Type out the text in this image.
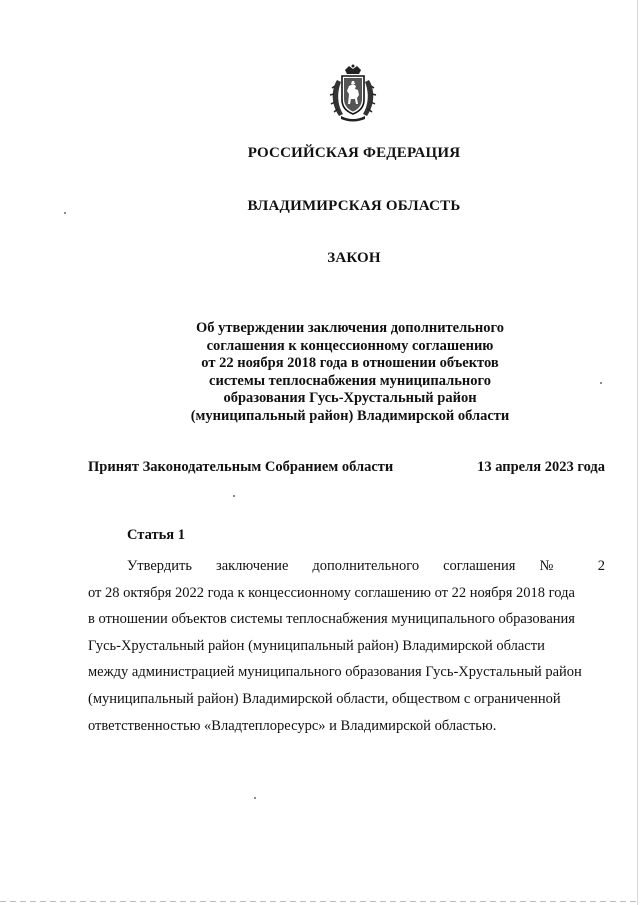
РОССИЙСКАЯ ФЕДЕРАЦИЯ
ВЛАДИМИРСКАЯ ОБЛАСТЬ
ЗАКОН
Об утверждении заключения дополнительного
соглашения к концессионному соглашению
от 22 ноября 2018 года в отношении объектов
системы теплоснабжения муниципального
образования Гусь-Хрустальный район
(муниципальный район) Владимирской области
Принят Законодательным Собранием области	13 апреля 2023 года
Статья 1
Утвердить заключение дополнительного соглашения № 2
от 28 октября 2022 года к концессионному соглашению от 22 ноября 2018 года
в отношении объектов системы теплоснабжения муниципального образования
Гусь-Хрустальный район (муниципальный район) Владимирской области
между администрацией муниципального образования Гусь-Хрустальный район
(муниципальный район) Владимирской области, обществом с ограниченной
ответственностью «Владтеплоресурс» и Владимирской областью.
